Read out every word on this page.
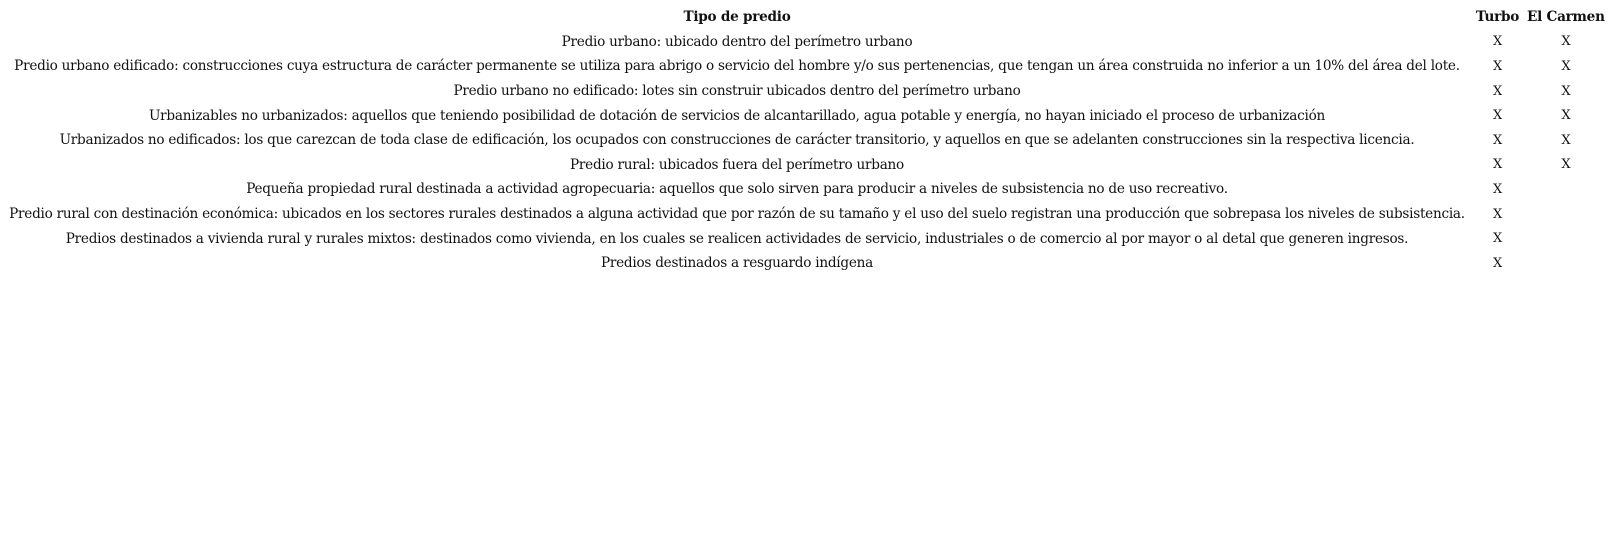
Tipo de predio	Turbo	El Carmen
Predio urbano: ubicado dentro del perímetro urbano	X	X
Predio urbano edificado: construcciones cuya estructura de carácter permanente se utiliza para abrigo o servicio del hombre y/o sus pertenencias, que tengan un área construida no inferior a un 10% del área del lote.	X	X
Predio urbano no edificado: lotes sin construir ubicados dentro del perímetro urbano	X	X
Urbanizables no urbanizados: aquellos que teniendo posibilidad de dotación de servicios de alcantarillado, agua potable y energía, no hayan iniciado el proceso de urbanización	X	X
Urbanizados no edificados: los que carezcan de toda clase de edificación, los ocupados con construcciones de carácter transitorio, y aquellos en que se adelanten construcciones sin la respectiva licencia.	X	X
Predio rural: ubicados fuera del perímetro urbano	X	X
Pequeña propiedad rural destinada a actividad agropecuaria: aquellos que solo sirven para producir a niveles de subsistencia no de uso recreativo.	X	
Predio rural con destinación económica: ubicados en los sectores rurales destinados a alguna actividad que por razón de su tamaño y el uso del suelo registran una producción que sobrepasa los niveles de subsistencia.	X	
Predios destinados a vivienda rural y rurales mixtos: destinados como vivienda, en los cuales se realicen actividades de servicio, industriales o de comercio al por mayor o al detal que generen ingresos.	X	
Predios destinados a resguardo indígena	X	
